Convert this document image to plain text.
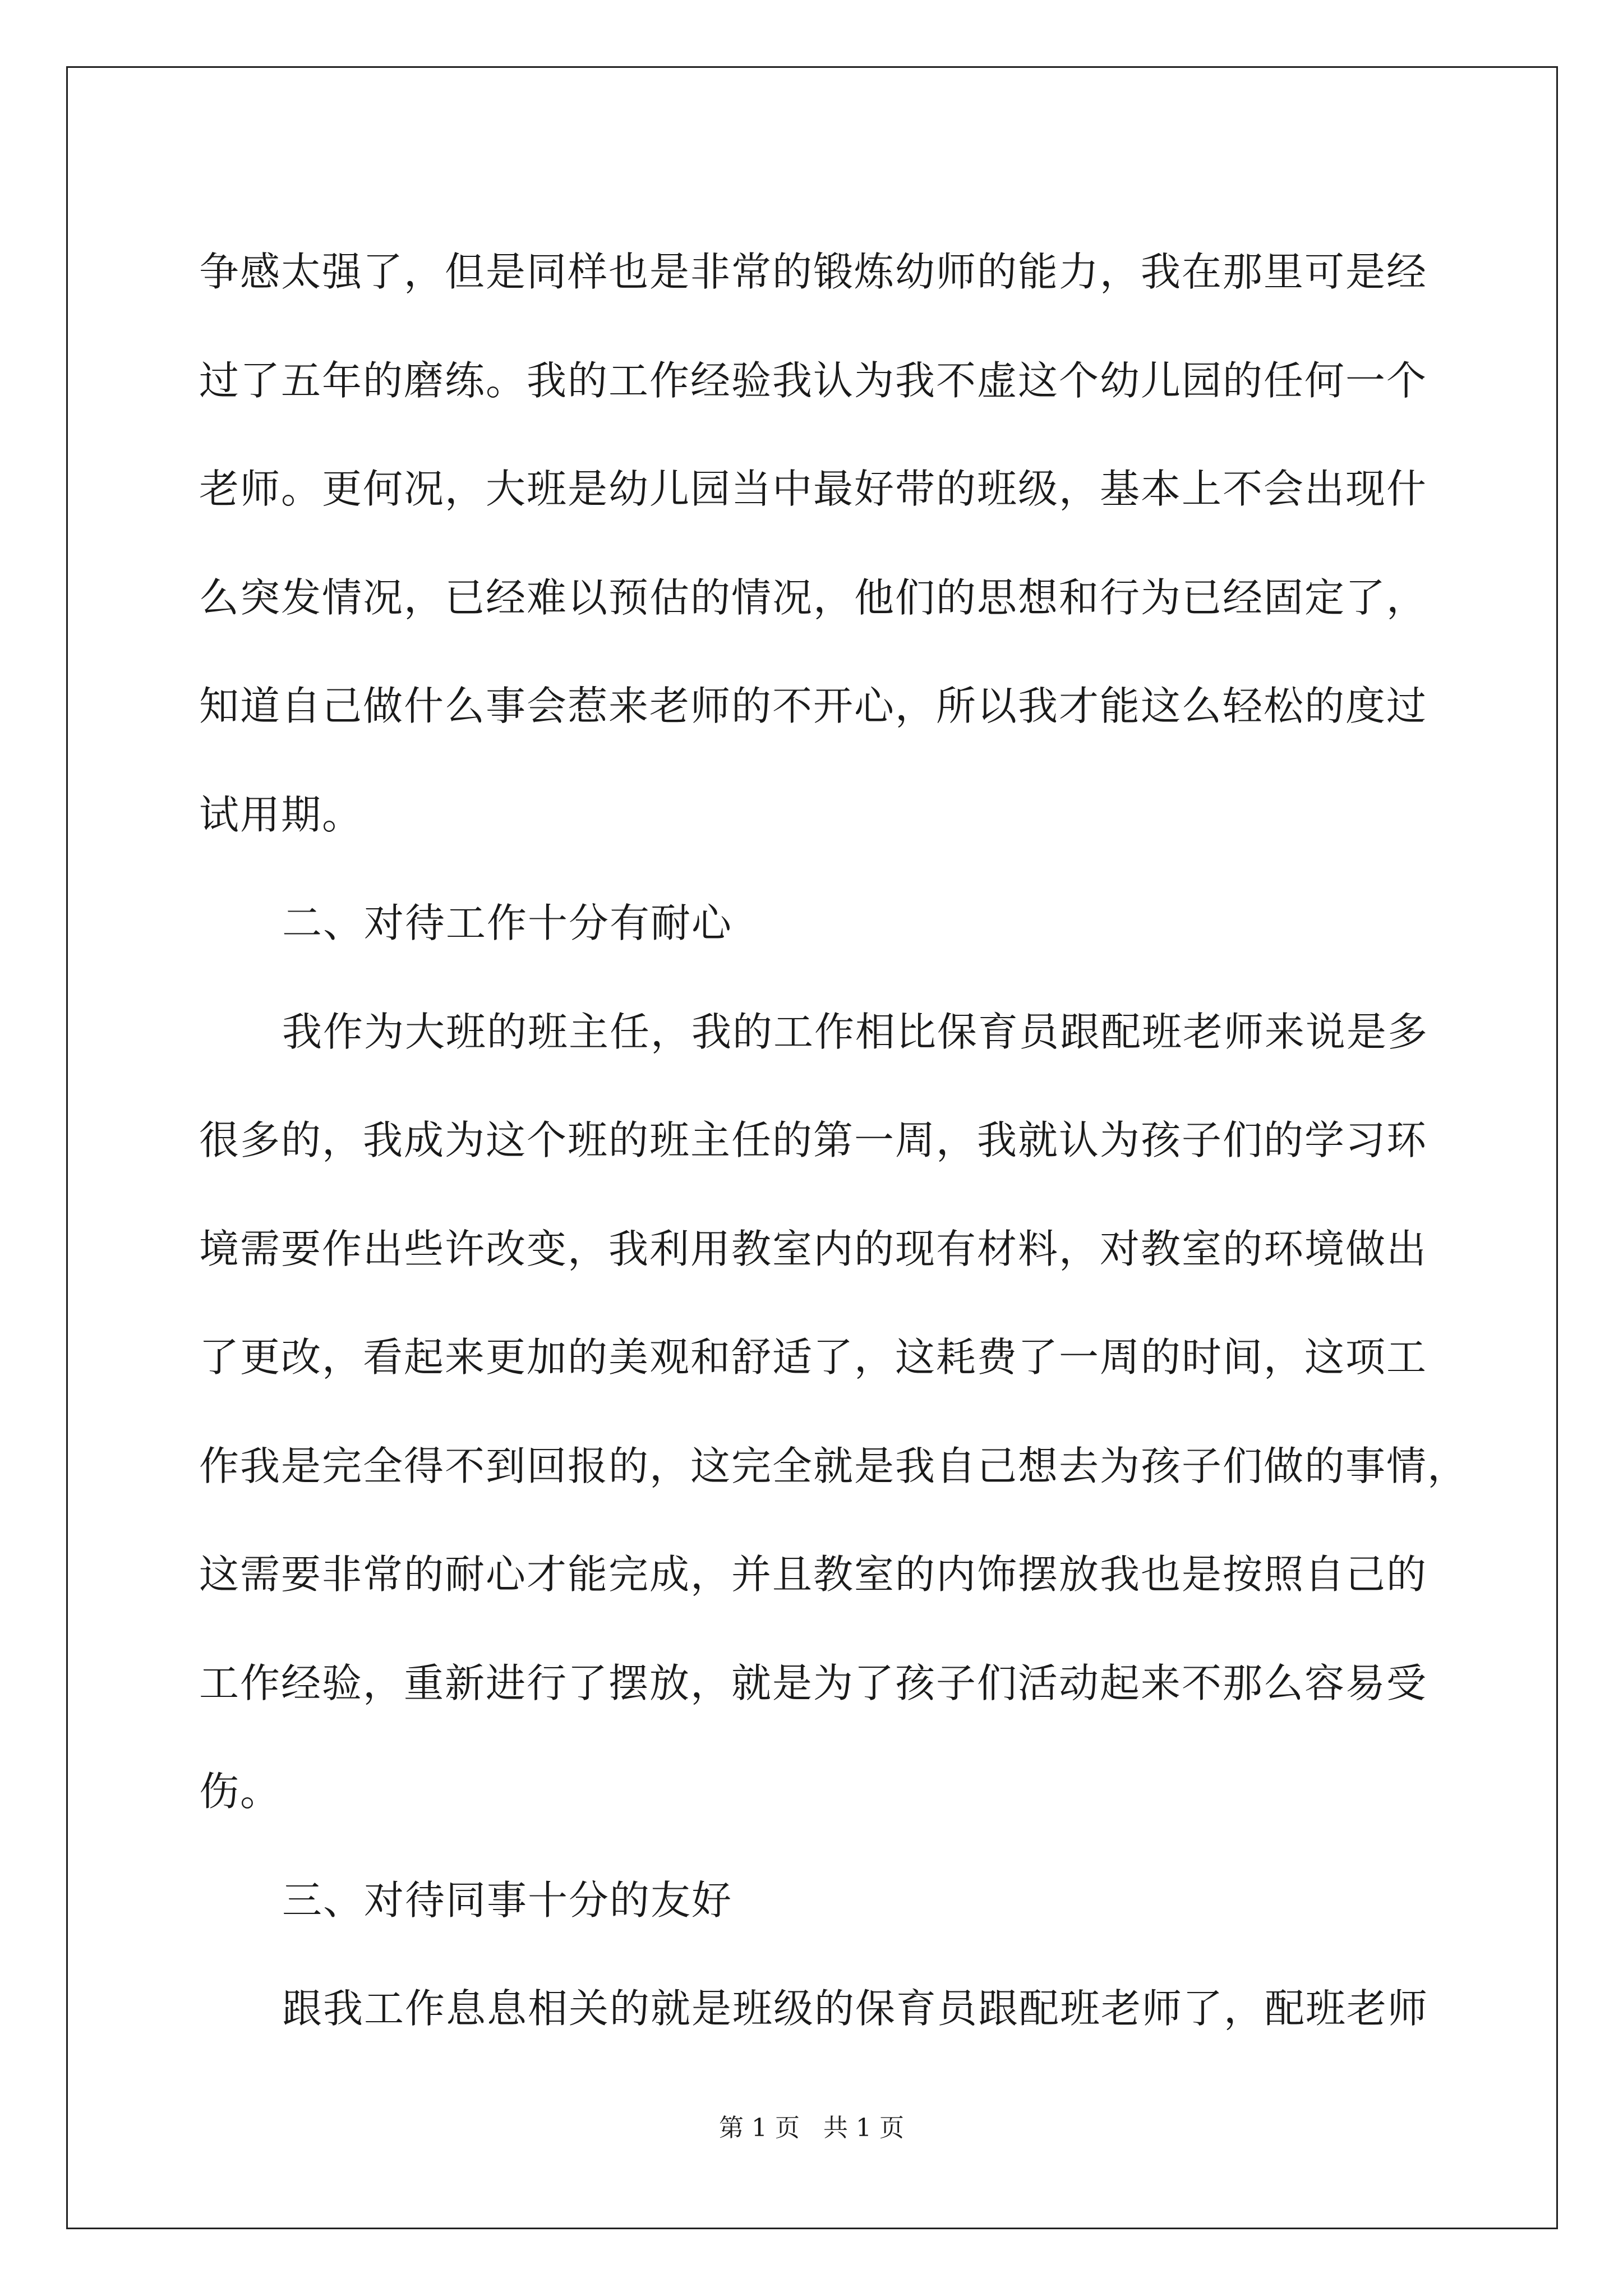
争感太强了，但是同样也是非常的锻炼幼师的能力，我在那里可是经
过了五年的磨练。我的工作经验我认为我不虚这个幼儿园的任何一个
老师。更何况，大班是幼儿园当中最好带的班级，基本上不会出现什
么突发情况，已经难以预估的情况，他们的思想和行为已经固定了，
知道自己做什么事会惹来老师的不开心，所以我才能这么轻松的度过
试用期。
二、对待工作十分有耐心
我作为大班的班主任，我的工作相比保育员跟配班老师来说是多
很多的，我成为这个班的班主任的第一周，我就认为孩子们的学习环
境需要作出些许改变，我利用教室内的现有材料，对教室的环境做出
了更改，看起来更加的美观和舒适了，这耗费了一周的时间，这项工
作我是完全得不到回报的，这完全就是我自己想去为孩子们做的事情，
这需要非常的耐心才能完成，并且教室的内饰摆放我也是按照自己的
工作经验，重新进行了摆放，就是为了孩子们活动起来不那么容易受
伤。
三、对待同事十分的友好
跟我工作息息相关的就是班级的保育员跟配班老师了，配班老师
第 1 页   共 1 页
